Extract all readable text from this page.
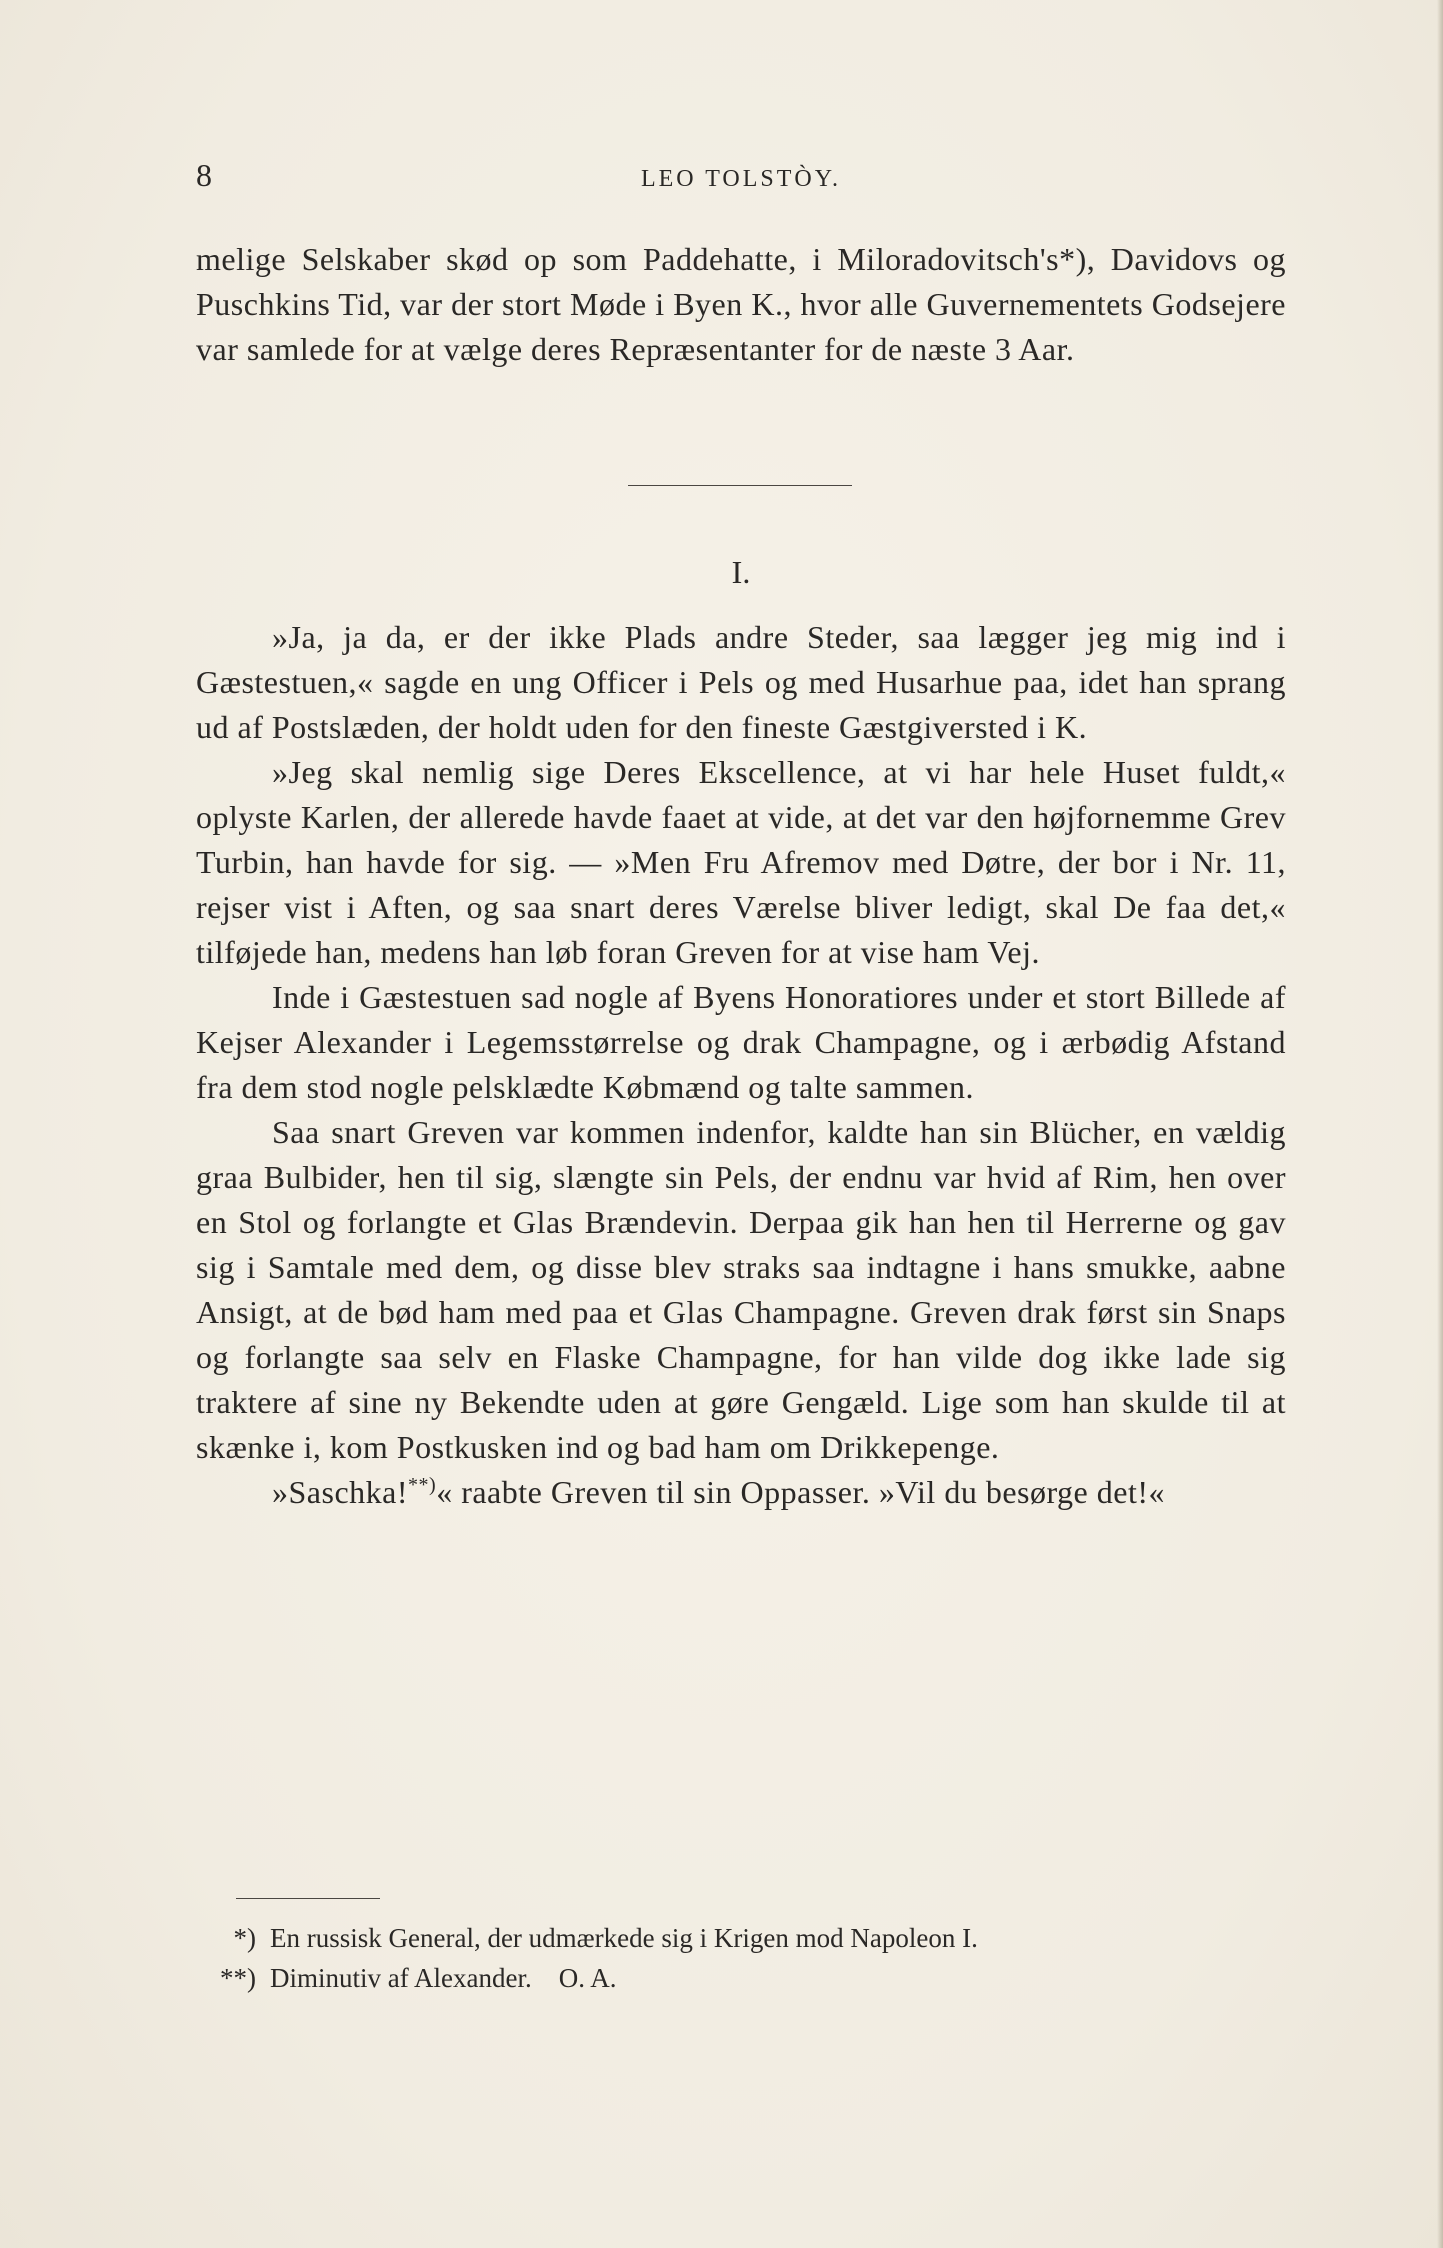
8	LEO TOLSTÒY.

melige Selskaber skød op som Paddehatte, i Miloradovitsch's*), Davidovs og Puschkins Tid, var der stort Møde i Byen K., hvor alle Guvernementets Godsejere var samlede for at vælge deres Repræsentanter for de næste 3 Aar.

I.

»Ja, ja da, er der ikke Plads andre Steder, saa lægger jeg mig ind i Gæstestuen,« sagde en ung Officer i Pels og med Husarhue paa, idet han sprang ud af Postslæden, der holdt uden for den fineste Gæstgiversted i K.

»Jeg skal nemlig sige Deres Ekscellence, at vi har hele Huset fuldt,« oplyste Karlen, der allerede havde faaet at vide, at det var den højfornemme Grev Turbin, han havde for sig. — »Men Fru Afremov med Døtre, der bor i Nr. 11, rejser vist i Aften, og saa snart deres Værelse bliver ledigt, skal De faa det,« tilføjede han, medens han løb foran Greven for at vise ham Vej.

Inde i Gæstestuen sad nogle af Byens Honoratiores under et stort Billede af Kejser Alexander i Legemsstørrelse og drak Champagne, og i ærbødig Afstand fra dem stod nogle pelsklædte Købmænd og talte sammen.

Saa snart Greven var kommen indenfor, kaldte han sin Blücher, en vældig graa Bulbider, hen til sig, slængte sin Pels, der endnu var hvid af Rim, hen over en Stol og forlangte et Glas Brændevin. Derpaa gik han hen til Herrerne og gav sig i Samtale med dem, og disse blev straks saa indtagne i hans smukke, aabne Ansigt, at de bød ham med paa et Glas Champagne. Greven drak først sin Snaps og forlangte saa selv en Flaske Champagne, for han vilde dog ikke lade sig traktere af sine ny Bekendte uden at gøre Gengæld. Lige som han skulde til at skænke i, kom Postkusken ind og bad ham om Drikkepenge.

»Saschka!**)« raabte Greven til sin Oppasser. »Vil du besørge det!«

*) En russisk General, der udmærkede sig i Krigen mod Napoleon I.
**) Diminutiv af Alexander.    O. A.
